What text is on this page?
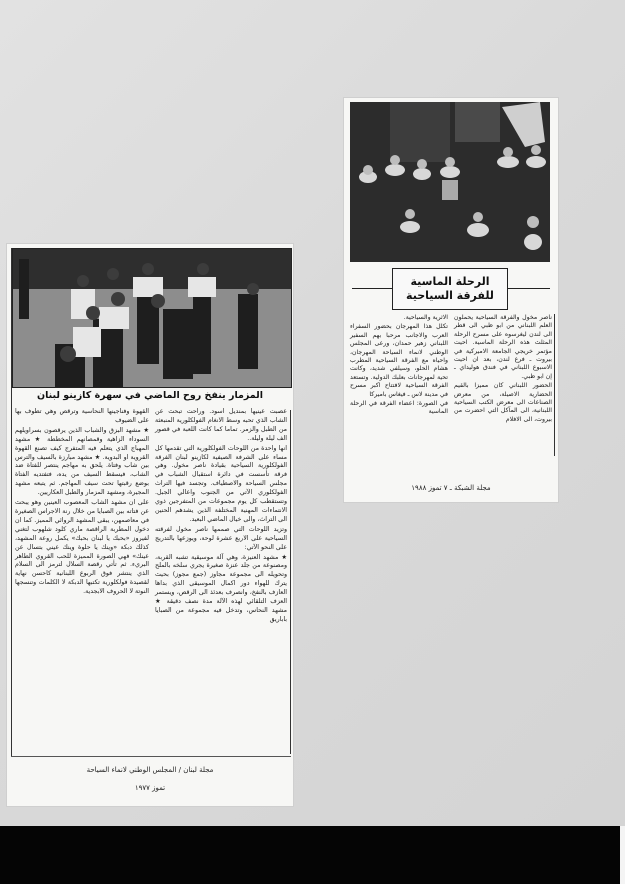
الرحلة الماسية
للفرقة السياحية

ناصر مخول والفرقة السياحية يحملون العلم اللبناني من ابو ظبي الى قطر الى لندن ليغرسوه على مسرح الرحلة المثلث هذه الرحلة الماسية. احيت مؤتمر خريجي الجامعة الاميركية في بيروت ـ فرع لندن، بعد ان احيت الاسبوع اللبناني في فندق هوليداي ـ إن ابو ظبي.

الحضور اللبناني كان مميزا بالقيم الحضارية الاصيلة، من معرض الصناعات الى معرض الكتب السياحية اللبنانية، الى المآكل التي احضرت من بيروت، الى الافلام

الاثرية والسياحية.

تكلل هذا المهرجان بحضور السفراء العرب والاجانب مرحبا بهم السفير اللبناني زهير حمدان، ورعى المجلس الوطني لانماء السياحة المهرجان، واحياه مع الفرقة السياحية المطرب هشام الحلو، وسيلفي شديد، وكانت تحية لمهرجانات بعلبك الدولية. وتستعد الفرقة السياحية لافتتاح اكبر مسرح في مدينة لاس ـ فيغاس باميركا

في الصورة: اعضاء الفرقة في الرحلة الماسية

مجلة الشبكة ـ ٧ تموز ١٩٨٨
المزمار ينفخ روح الماضي في سهرة كازينو لبنان

عصبت عينيها بمنديل اسود. وراحت تبحث عن الشاب الذي تحبه وسط الانغام الفولكلورية المنبعثة من الطبل والزمر. تماما كما كانت اللعبة في قصور الف ليلة وليلة..

انها واحدة من اللوحات الفولكلورية التي تقدمها كل مساء على الشرفة الصيفية لكازينو لبنان الفرقة الفولكلورية السياحية بقيادة ناصر مخول. وهي فرقة تأسست في دائرة استقبال الشباب في مجلس السياحة والاصطياف. وتجسد فيها التراث الفولكلوري الآتي من الجنوب واعالي الجبل. وتستقطب كل يوم مجموعات من المتفرجين ذوي الانتماءات المهنية المختلفة الذين يشدهم الحنين الى التراث، والى خيال الماضي البعيد.

وتزيد اللوحات التي صممها ناصر مخول لفرقته السياحية على الاربع عشرة لوحة، ويوزعها بالتدريج على النحو الآتي:

★ مشهد العنيزة، وهي آلة موسيقية تشبه القربة، ومصنوعة من جلد عنزة صغيرة يجري سلخه بالملح وتحويله الى مجموعة مجاوز (جمع مجوز) بحيث يترك للهواء دور اكمال الموسيقى الذي بداها العازف بالنفخ، وانصرف بعدئذ الى الرقص، ويستمر العزف التلقائي لهذه الآلة مدة نصف دقيقة ★ مشهد النحاس، وتدخل فيه مجموعة من الصبايا باباريق

القهوة وفناجينها النحاسية وترقص وهي تطوف بها على الضيوف

★ مشهد البزق والشباب الذين يرقصون بسراويلهم السوداء الزاهية وقمصانهم المخططة ★ مشهد المهباج الذي يتعلم فيه المتفرج كيف تصنع القهوة القروية او البدوية. ★ مشهد مبارزة بالسيف والترس بين شاب وفتاة. يلحق به مهاجم ينتصر للفتاة ضد الشاب، فيسقط السيف من يده، فتفتديه الفتاة بوضع رقبتها تحت سيف المهاجم. ثم يتبعه مشهد المجيرة، ومشهد المزمار والطبل العكاريين.

على ان مشهد الشاب المعصوب العينين وهو يبحث عن فتاته بين الصبايا من خلال رنة الاجراس الصغيرة في معاصمهن، يبقى المشهد الروائي المميز. كما ان دخول المطربة الراقصة ماري كلود شلهوب لتغني لفيروز «بحبك يا لبنان بحبك» يكمل روعة المشهد، كذلك دبكة «وينك يا حلوة وينك عيني بتسال عن عينك» فهي الصورة المميزة للحب القروي الطاهر البريء. ثم تأتي رقصة السلال لترمز الى السلام الذي ينتشر فوق الربوع اللبنانية كاحسن نهاية لقصيدة فولكلورية تكتبها الدبكة لا الكلمات وتنسجها النوتة لا الحروف الابجدية.

مجلة لبنان / المجلس الوطني لانماء السياحة
تموز ١٩٧٧
